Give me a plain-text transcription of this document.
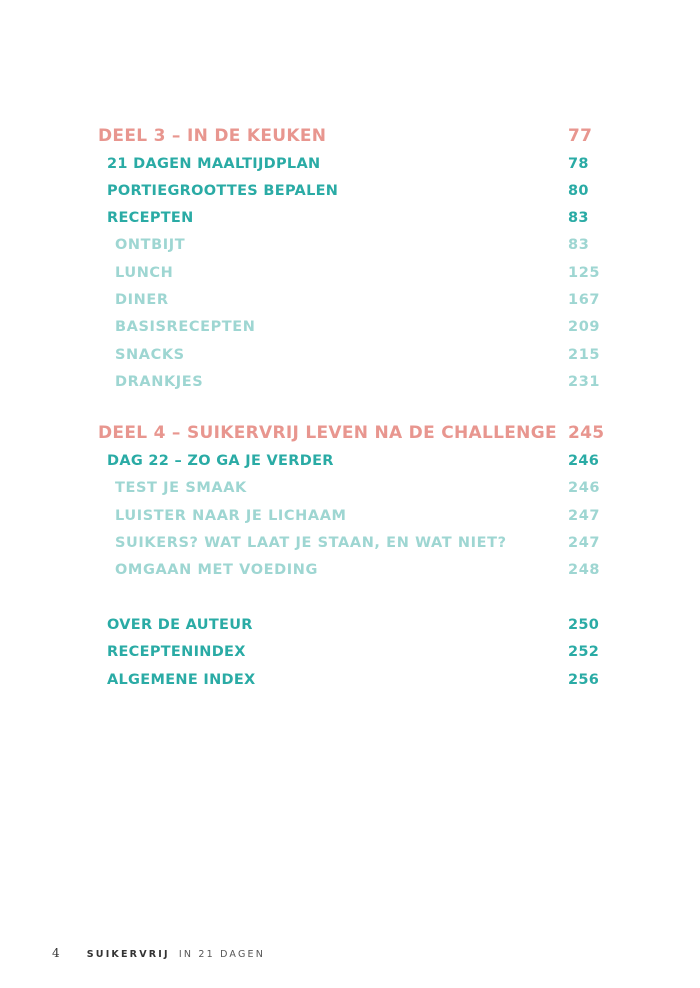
DEEL 3 – IN DE KEUKEN	77
21 DAGEN MAALTIJDPLAN	78
PORTIEGROOTTES BEPALEN	80
RECEPTEN	83
ONTBIJT	83
LUNCH	125
DINER	167
BASISRECEPTEN	209
SNACKS	215
DRANKJES	231
DEEL 4 – SUIKERVRIJ LEVEN NA DE CHALLENGE 245
DAG 22 – ZO GA JE VERDER	246
TEST JE SMAAK	246
LUISTER NAAR JE LICHAAM	247
SUIKERS? WAT LAAT JE STAAN, EN WAT NIET?	247
OMGAAN MET VOEDING	248
OVER DE AUTEUR	250
RECEPTENINDEX	252
ALGEMENE INDEX	256
4	SUIKERVRIJ IN 21 DAGEN
